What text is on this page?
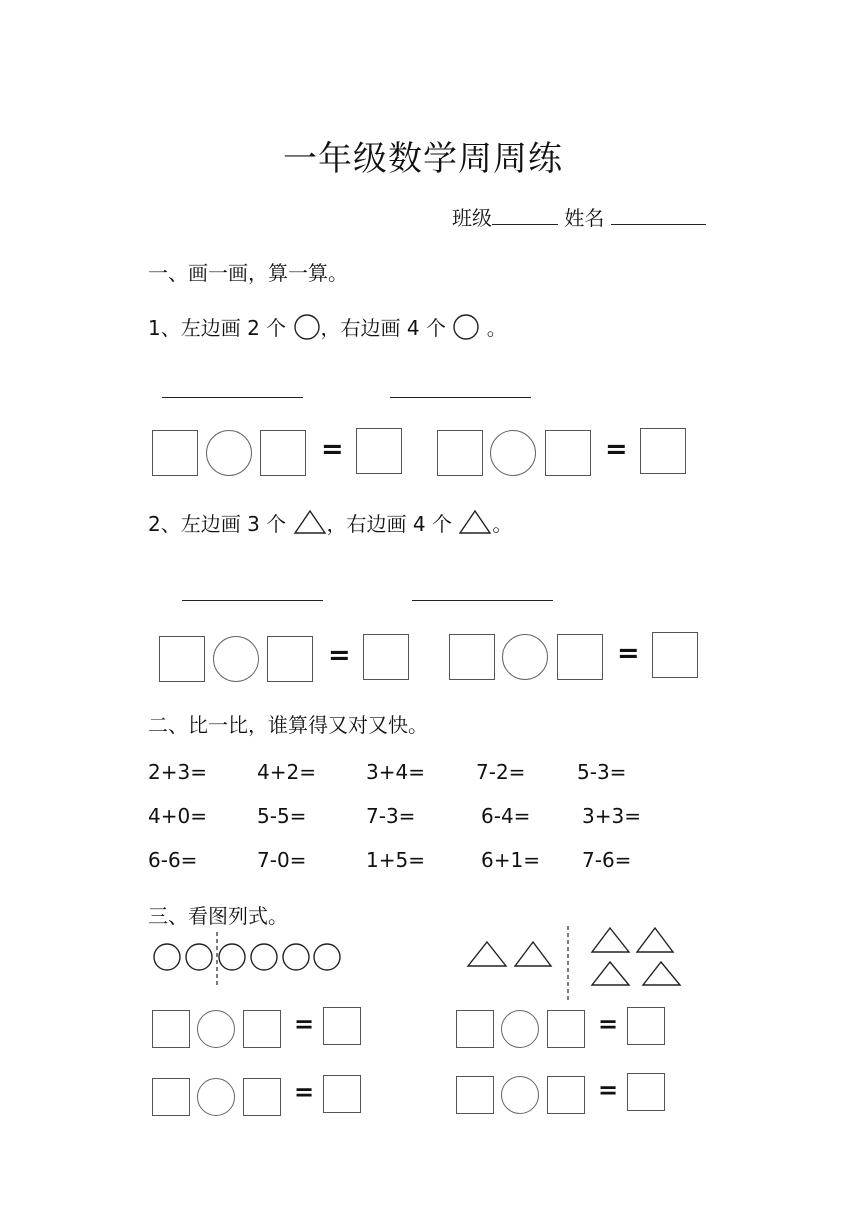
一年级数学周周练
班级	姓名
一、画一画，算一算。
1、左边画 2 个 ，右边画 4 个  。
=	=
2、左边画 3 个 ，右边画 4 个 。
=	=
二、比一比，谁算得又对又快。
2+3=	4+2=	3+4=	7-2=	5-3=
4+0=	5-5=	7-3=	6-4=	3+3=
6-6=	7-0=	1+5=	6+1= 7-6=
三、看图列式。
=
=
=
=
